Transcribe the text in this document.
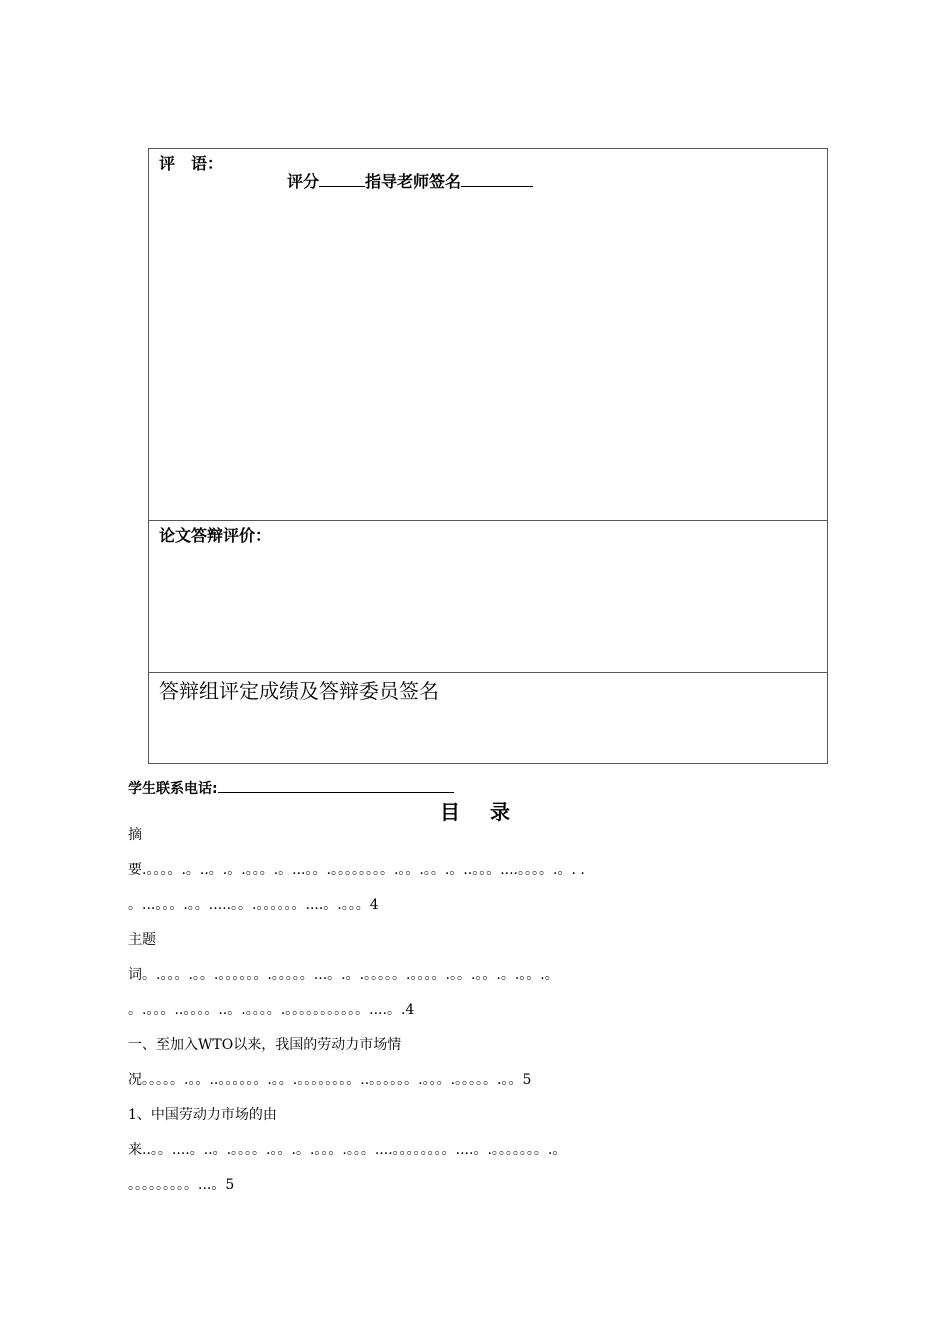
评　语：
评分	指导老师签名
论文答辩评价：
答辩组评定成绩及答辩委员签名
学生联系电话:
目录
摘
要.。。。。.。..。.。.。。。.。...。。.。。。。。。。。.。。.。。.。..。。。....。。。。.。. .
。...。。。.。。.....。。.。。。。。。....。.。。。4
主题
词。.。。。.。。.。。。。。。.。。。。。...。.。.。。。。。.。。。。.。。.。。.。.。。.。
。.。。。..。。。。..。.。。。。.。。。。。。。。。。。....。.4
一、至加入WTO以来，我国的劳动力市场情
况。。。。。.。。..。。。。。。.。。.。。。。。。。。..。。。。。。.。。。.。。。。。.。。5
1、中国劳动力市场的由
来..。。....。..。.。。。。.。。.。.。。。.。。。....。。。。。。。。....。.。。。。。。。.。
。。。。。。。。。...。5
